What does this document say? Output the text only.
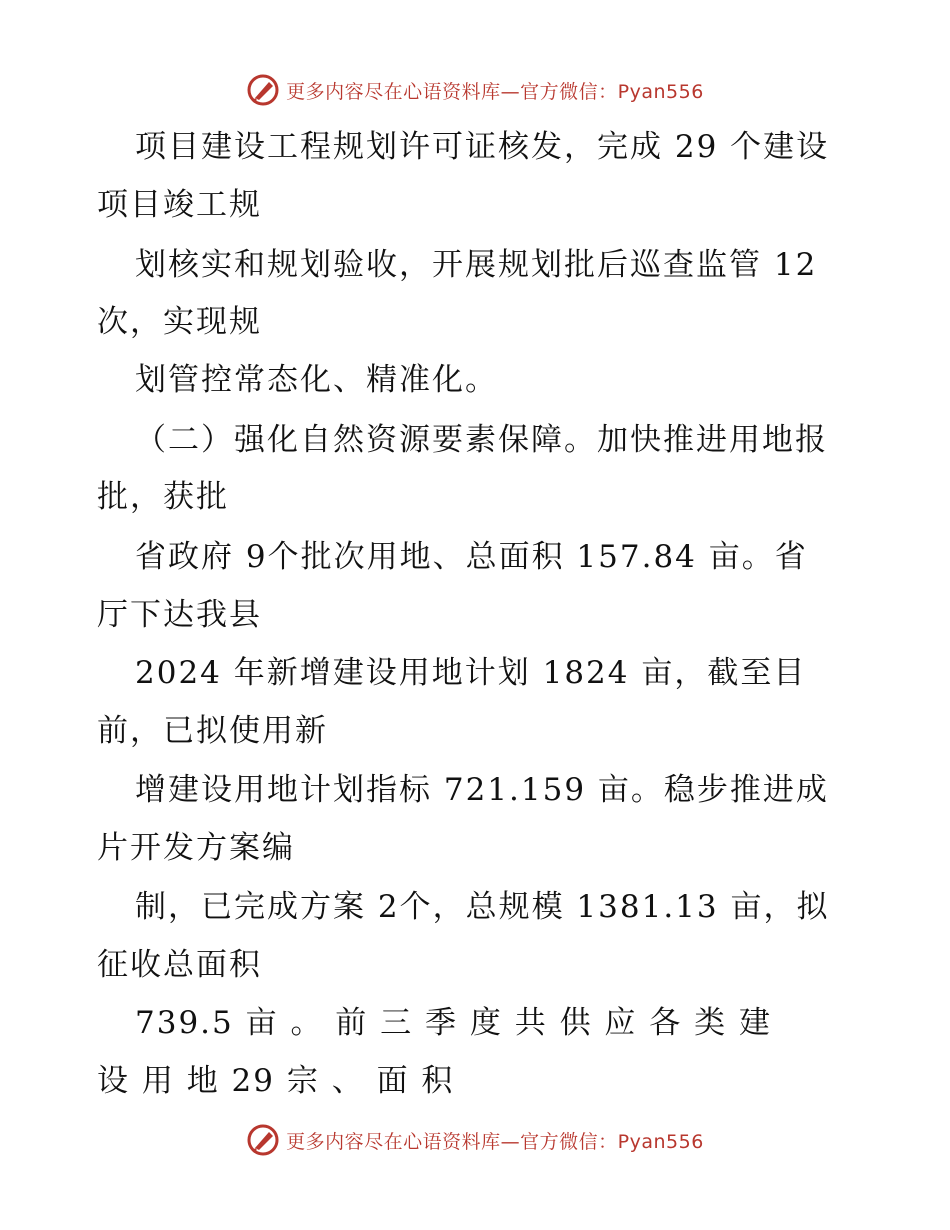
更多内容尽在心语资料库—官方微信：Pyan556
项目建设工程规划许可证核发，完成 29 个建设
项目竣工规
划核实和规划验收，开展规划批后巡查监管 12
次，实现规
划管控常态化、精准化。
（二）强化自然资源要素保障。加快推进用地报
批，获批
省政府 9个批次用地、总面积 157.84 亩。省
厅下达我县
2024 年新增建设用地计划 1824 亩，截至目
前，已拟使用新
增建设用地计划指标 721.159 亩。稳步推进成
片开发方案编
制，已完成方案 2个，总规模 1381.13 亩，拟
征收总面积
739.5 亩 。 前 三 季 度 共 供 应 各 类 建
设 用 地 29 宗 、 面 积
更多内容尽在心语资料库—官方微信：Pyan556
